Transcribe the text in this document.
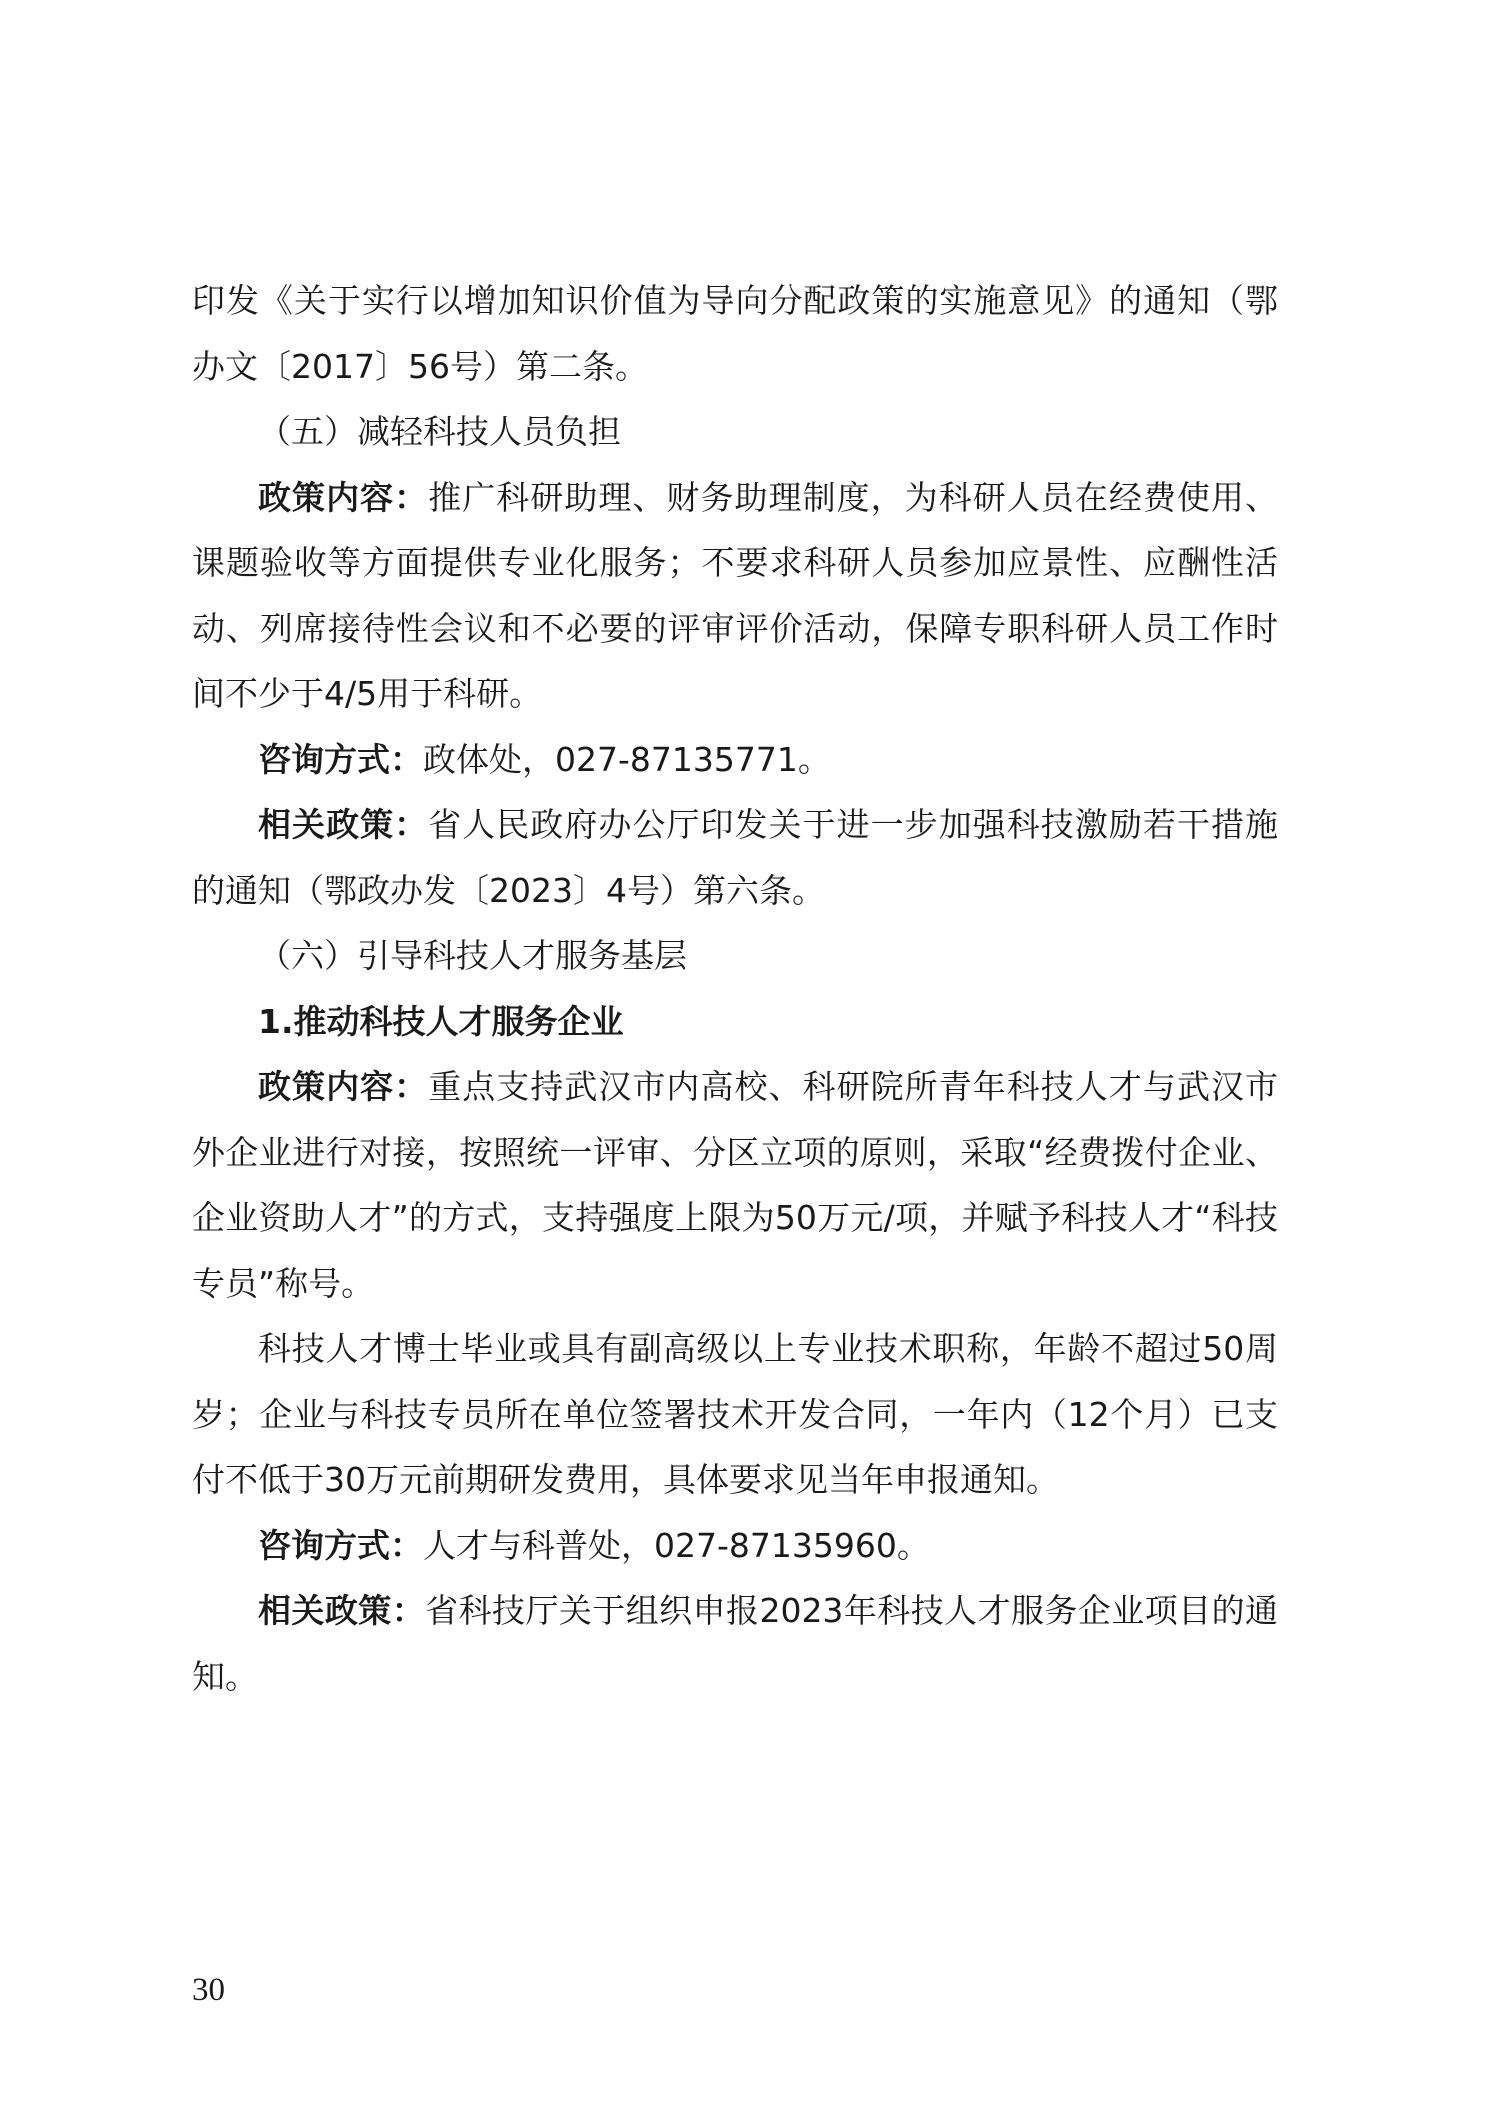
印发《关于实行以增加知识价值为导向分配政策的实施意见》的通知（鄂办文〔2017〕56号）第二条。

（五）减轻科技人员负担

政策内容：推广科研助理、财务助理制度，为科研人员在经费使用、课题验收等方面提供专业化服务；不要求科研人员参加应景性、应酬性活动、列席接待性会议和不必要的评审评价活动，保障专职科研人员工作时间不少于4/5用于科研。

咨询方式：政体处，027-87135771。

相关政策：省人民政府办公厅印发关于进一步加强科技激励若干措施的通知（鄂政办发〔2023〕4号）第六条。

（六）引导科技人才服务基层

1.推动科技人才服务企业

政策内容：重点支持武汉市内高校、科研院所青年科技人才与武汉市外企业进行对接，按照统一评审、分区立项的原则，采取“经费拨付企业、企业资助人才”的方式，支持强度上限为50万元/项，并赋予科技人才“科技专员”称号。

科技人才博士毕业或具有副高级以上专业技术职称，年龄不超过50周岁；企业与科技专员所在单位签署技术开发合同，一年内（12个月）已支付不低于30万元前期研发费用，具体要求见当年申报通知。

咨询方式：人才与科普处，027-87135960。

相关政策：省科技厅关于组织申报2023年科技人才服务企业项目的通知。

30
